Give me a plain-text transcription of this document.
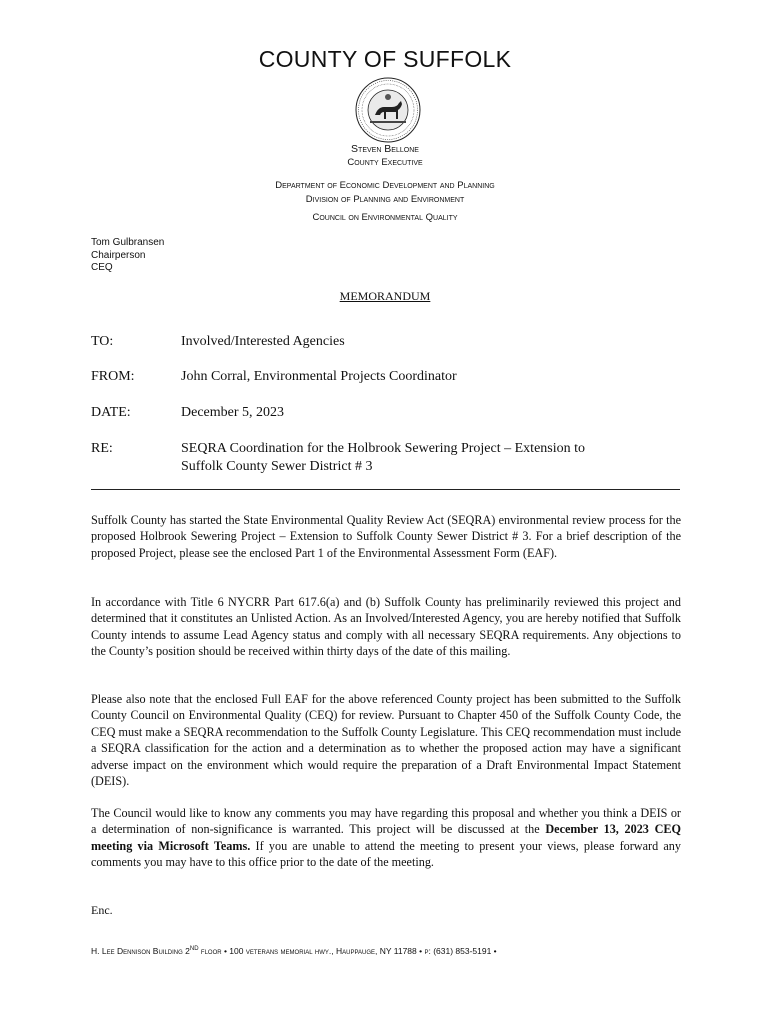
COUNTY OF SUFFOLK
Steven Bellone
County Executive
Department of Economic Development and Planning
Division of Planning and Environment
Council on Environmental Quality
Tom Gulbransen
Chairperson
CEQ
MEMORANDUM
TO:	Involved/Interested Agencies
FROM:	John Corral, Environmental Projects Coordinator
DATE:	December 5, 2023
RE:	SEQRA Coordination for the Holbrook Sewering Project – Extension to
Suffolk County Sewer District # 3
Suffolk County has started the State Environmental Quality Review Act (SEQRA) environmental review process for the proposed Holbrook Sewering Project – Extension to Suffolk County Sewer District # 3. For a brief description of the proposed Project, please see the enclosed Part 1 of the Environmental Assessment Form (EAF).
In accordance with Title 6 NYCRR Part 617.6(a) and (b) Suffolk County has preliminarily reviewed this project and determined that it constitutes an Unlisted Action. As an Involved/Interested Agency, you are hereby notified that Suffolk County intends to assume Lead Agency status and comply with all necessary SEQRA requirements. Any objections to the County’s position should be received within thirty days of the date of this mailing.
Please also note that the enclosed Full EAF for the above referenced County project has been submitted to the Suffolk County Council on Environmental Quality (CEQ) for review. Pursuant to Chapter 450 of the Suffolk County Code, the CEQ must make a SEQRA recommendation to the Suffolk County Legislature. This CEQ recommendation must include a SEQRA classification for the action and a determination as to whether the proposed action may have a significant adverse impact on the environment which would require the preparation of a Draft Environmental Impact Statement (DEIS).
The Council would like to know any comments you may have regarding this proposal and whether you think a DEIS or a determination of non-significance is warranted. This project will be discussed at the December 13, 2023 CEQ meeting via Microsoft Teams. If you are unable to attend the meeting to present your views, please forward any comments you may have to this office prior to the date of the meeting.
Enc.
H. Lee Dennison Building 2ND floor • 100 veterans memorial hwy., Hauppauge, NY 11788 • p: (631) 853-5191 •
